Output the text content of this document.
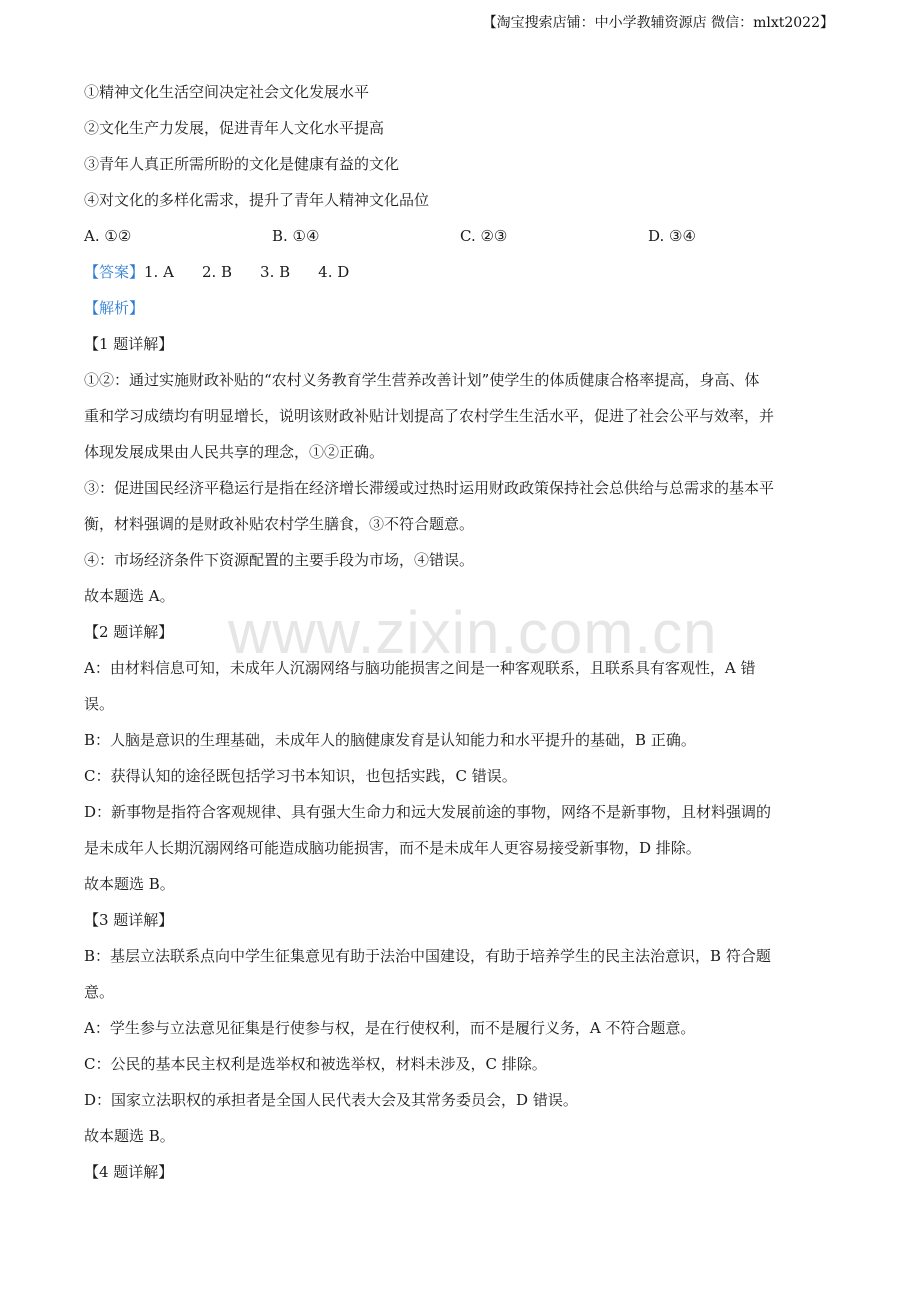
【淘宝搜索店铺：中小学教辅资源店 微信：mlxt2022】
www.zixin.com.cn
①精神文化生活空间决定社会文化发展水平
②文化生产力发展，促进青年人文化水平提高
③青年人真正所需所盼的文化是健康有益的文化
④对文化的多样化需求，提升了青年人精神文化品位
A. ①②	B. ①④	C. ②③	D. ③④
【答案】1. A 2. B 3. B 4. D
【解析】
【1 题详解】
①②：通过实施财政补贴的“农村义务教育学生营养改善计划”使学生的体质健康合格率提高，身高、体
重和学习成绩均有明显增长，说明该财政补贴计划提高了农村学生生活水平，促进了社会公平与效率，并
体现发展成果由人民共享的理念，①②正确。
③：促进国民经济平稳运行是指在经济增长滞缓或过热时运用财政政策保持社会总供给与总需求的基本平
衡，材料强调的是财政补贴农村学生膳食，③不符合题意。
④：市场经济条件下资源配置的主要手段为市场，④错误。
故本题选 A。
【2 题详解】
A：由材料信息可知，未成年人沉溺网络与脑功能损害之间是一种客观联系，且联系具有客观性，A 错
误。
B：人脑是意识的生理基础，未成年人的脑健康发育是认知能力和水平提升的基础，B 正确。
C：获得认知的途径既包括学习书本知识，也包括实践，C 错误。
D：新事物是指符合客观规律、具有强大生命力和远大发展前途的事物，网络不是新事物，且材料强调的
是未成年人长期沉溺网络可能造成脑功能损害，而不是未成年人更容易接受新事物，D 排除。
故本题选 B。
【3 题详解】
B：基层立法联系点向中学生征集意见有助于法治中国建设，有助于培养学生的民主法治意识，B 符合题
意。
A：学生参与立法意见征集是行使参与权，是在行使权利，而不是履行义务，A 不符合题意。
C：公民的基本民主权利是选举权和被选举权，材料未涉及，C 排除。
D：国家立法职权的承担者是全国人民代表大会及其常务委员会，D 错误。
故本题选 B。
【4 题详解】
